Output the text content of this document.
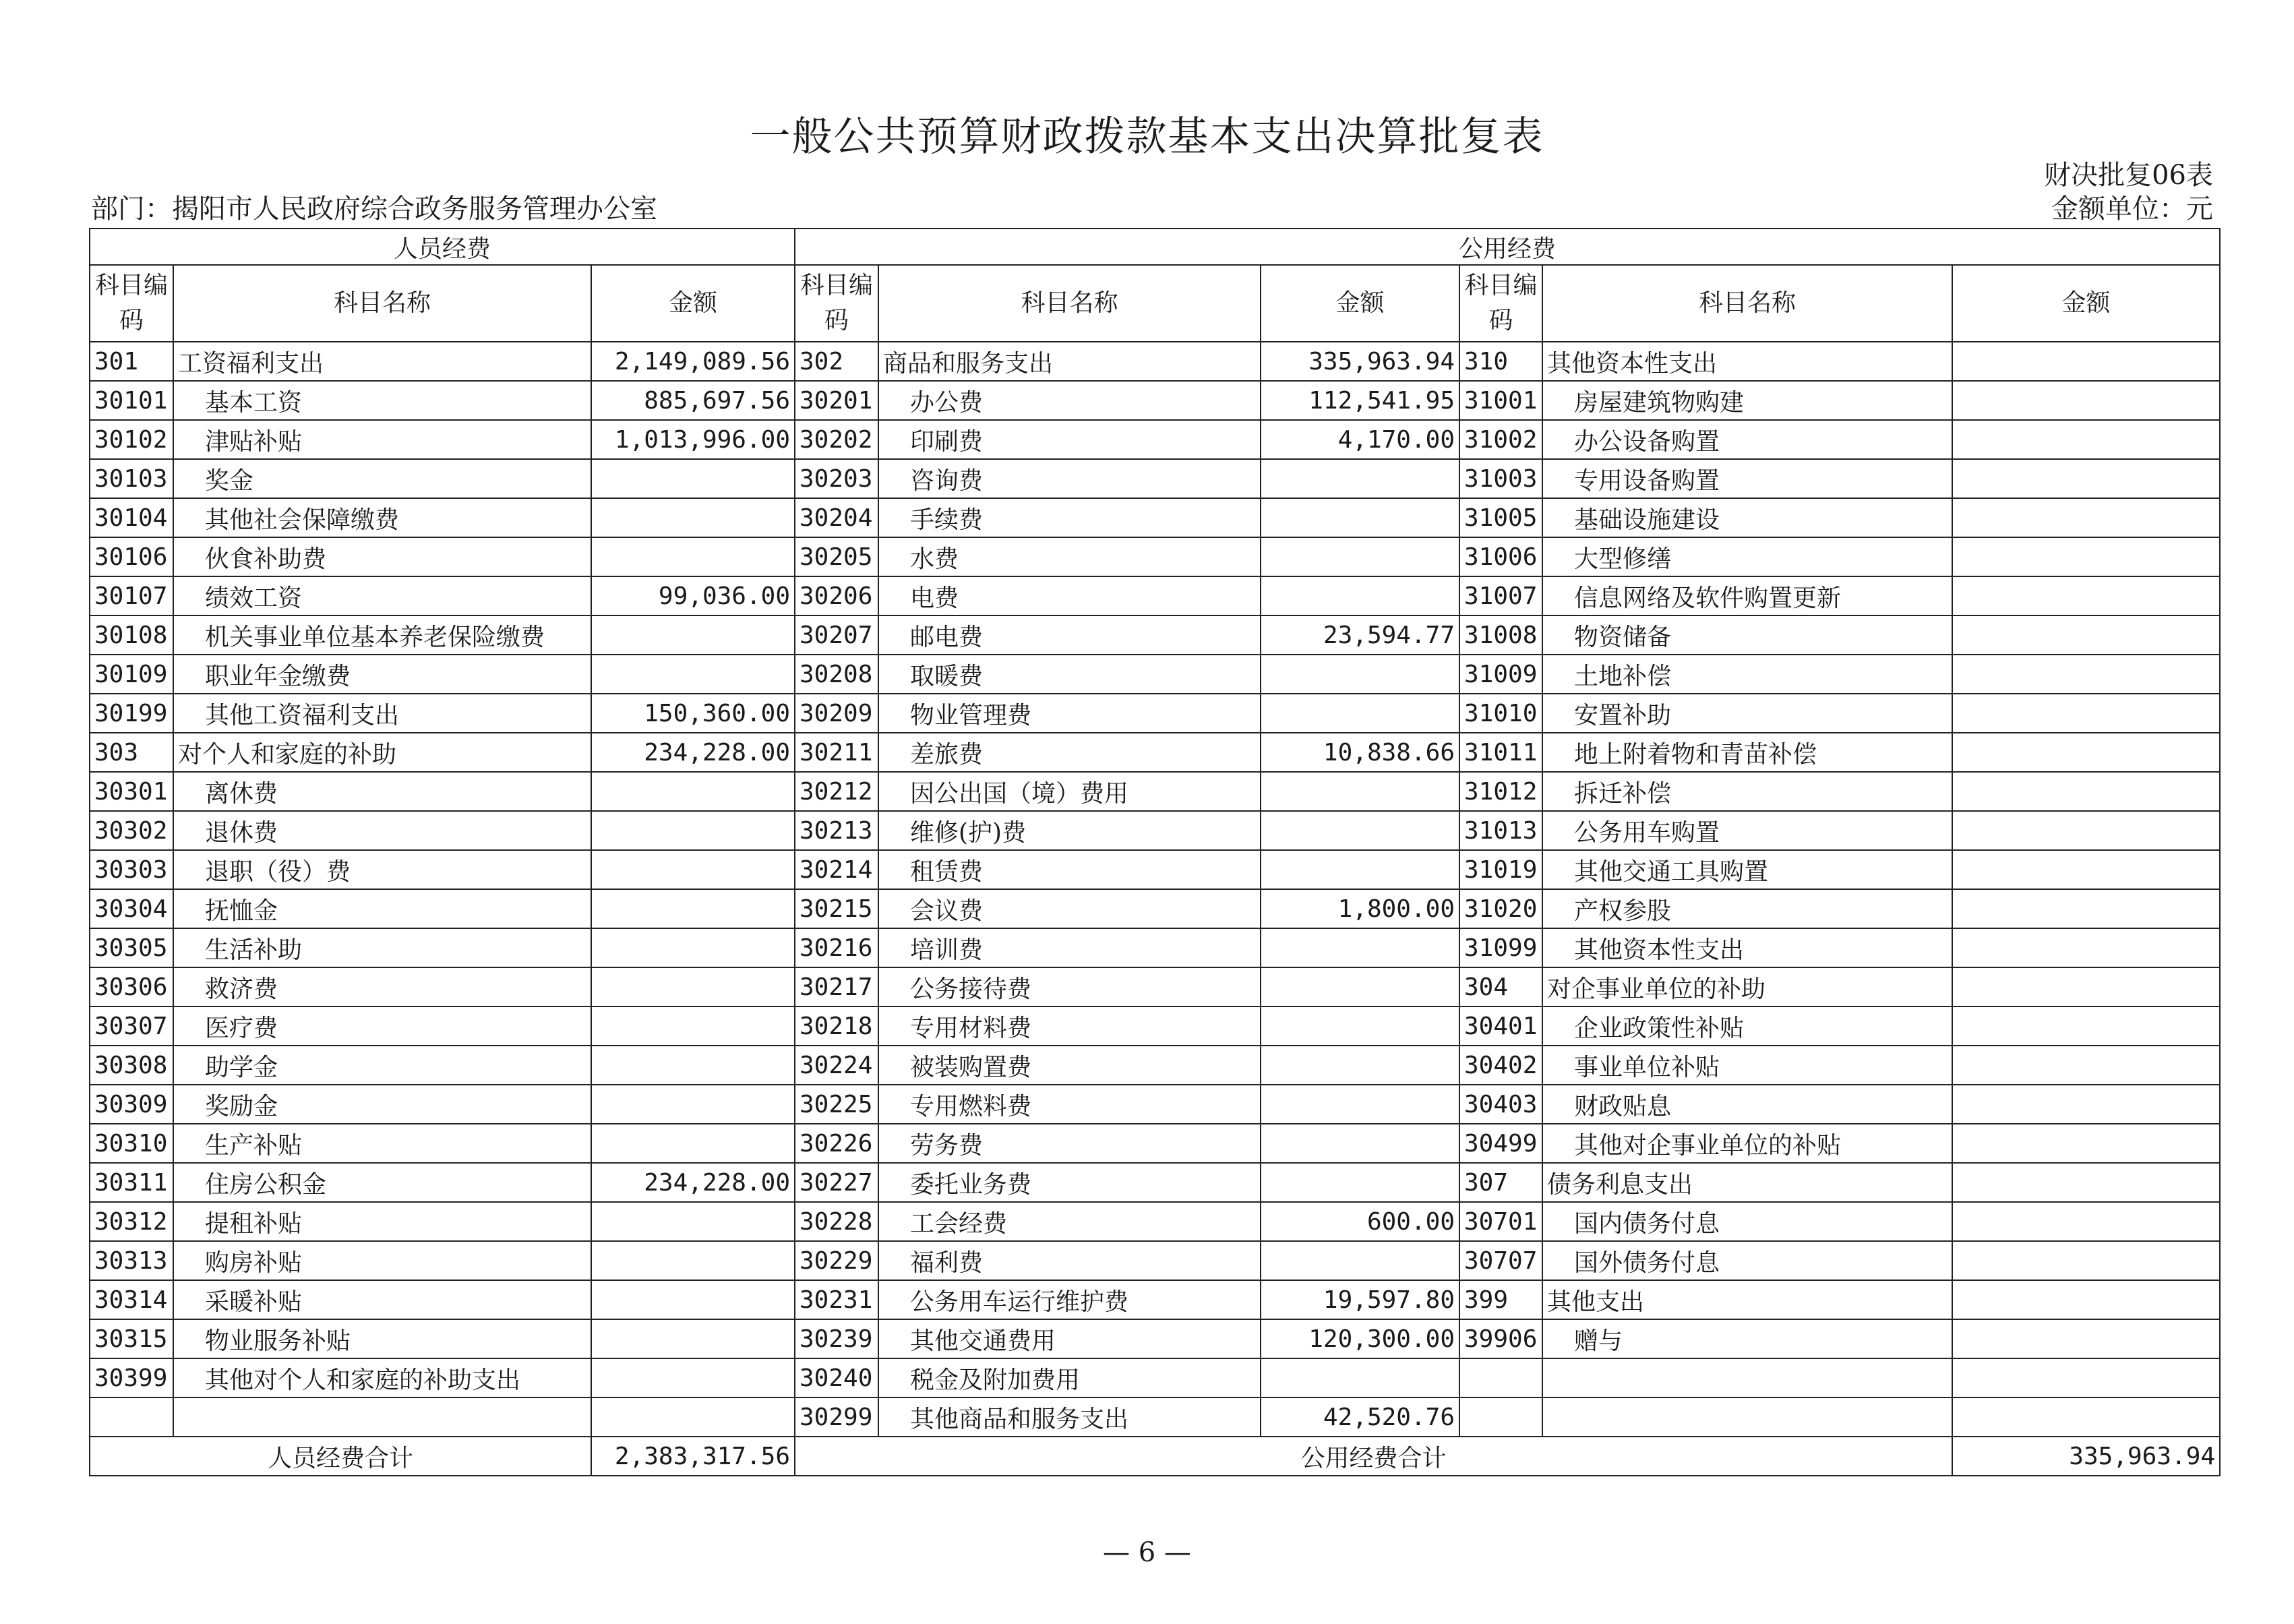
一般公共预算财政拨款基本支出决算批复表
财决批复06表
部门：揭阳市人民政府综合政务服务管理办公室	金额单位：元
人员经费			公用经费					
科目编码	科目名称	金额	科目编码	科目名称	金额	科目编码	科目名称	金额
301	工资福利支出	2,149,089.56	302	商品和服务支出	335,963.94	310	其他资本性支出	
30101	基本工资	885,697.56	30201	办公费	112,541.95	31001	房屋建筑物购建	
30102	津贴补贴	1,013,996.00	30202	印刷费	4,170.00	31002	办公设备购置	
30103	奖金		30203	咨询费		31003	专用设备购置	
30104	其他社会保障缴费		30204	手续费		31005	基础设施建设	
30106	伙食补助费		30205	水费		31006	大型修缮	
30107	绩效工资	99,036.00	30206	电费		31007	信息网络及软件购置更新	
30108	机关事业单位基本养老保险缴费		30207	邮电费	23,594.77	31008	物资储备	
30109	职业年金缴费		30208	取暖费		31009	土地补偿	
30199	其他工资福利支出	150,360.00	30209	物业管理费		31010	安置补助	
303	对个人和家庭的补助	234,228.00	30211	差旅费	10,838.66	31011	地上附着物和青苗补偿	
30301	离休费		30212	因公出国（境）费用		31012	拆迁补偿	
30302	退休费		30213	维修(护)费		31013	公务用车购置	
30303	退职（役）费		30214	租赁费		31019	其他交通工具购置	
30304	抚恤金		30215	会议费	1,800.00	31020	产权参股	
30305	生活补助		30216	培训费		31099	其他资本性支出	
30306	救济费		30217	公务接待费		304	对企事业单位的补助	
30307	医疗费		30218	专用材料费		30401	企业政策性补贴	
30308	助学金		30224	被装购置费		30402	事业单位补贴	
30309	奖励金		30225	专用燃料费		30403	财政贴息	
30310	生产补贴		30226	劳务费		30499	其他对企事业单位的补贴	
30311	住房公积金	234,228.00	30227	委托业务费		307	债务利息支出	
30312	提租补贴		30228	工会经费	600.00	30701	国内债务付息	
30313	购房补贴		30229	福利费		30707	国外债务付息	
30314	采暖补贴		30231	公务用车运行维护费	19,597.80	399	其他支出	
30315	物业服务补贴		30239	其他交通费用	120,300.00	39906	赠与	
30399	其他对个人和家庭的补助支出		30240	税金及附加费用				
			30299	其他商品和服务支出	42,520.76			
人员经费合计		2,383,317.56	公用经费合计					335,963.94
— 6 —
